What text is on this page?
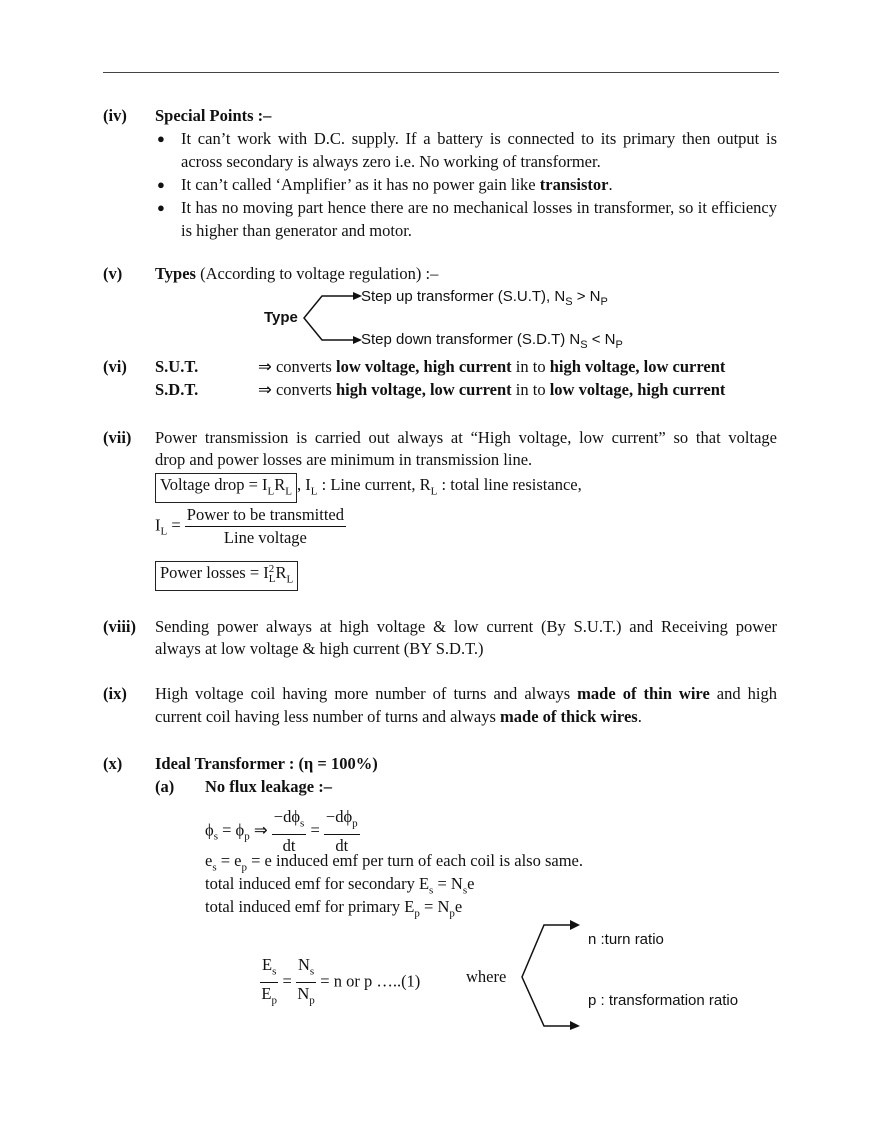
(iv) Special Points :–
● It can’t work with D.C. supply. If a battery is connected to its primary then output is
across secondary is always zero i.e. No working of transformer.
● It can’t called ‘Amplifier’ as it has no power gain like transistor.
● It has no moving part hence there are no mechanical losses in transformer, so it efficiency
is higher than generator and motor.
(v) Types (According to voltage regulation) :–
Type
Step up transformer (S.U.T), $N_S > N_P$
Step down transformer (S.D.T) $N_S < N_P$
(vi) S.U.T.	⇒ converts low voltage, high current in to high voltage, low current
S.D.T.	⇒ converts high voltage, low current in to low voltage, high current
(vii) Power transmission is carried out always at “High voltage, low current” so that voltage
drop and power losses are minimum in transmission line.
Voltage drop = $I_LR_L$ , $I_L$ : Line current, $R_L$ : total line resistance,
$I_L = \frac{\text{Power to be transmitted}}{\text{Line voltage}}$
Power losses = I 2
L $R_L$
(viii) Sending power always at high voltage & low current (By S.U.T.) and Receiving power
always at low voltage & high current (BY S.D.T.)
(ix) High voltage coil having more number of turns and always made of thin wire and high
current coil having less number of turns and always made of thick wires.
(x) Ideal Transformer : (η = 100%)
(a) No flux leakage :–
$\phi_s = \phi_p$ ⇒ $\frac{-d\phi_s}{dt} = \frac{-d\phi_p}{dt}$
$e_s = e_p = e$ induced emf per turn of each coil is also same.
total induced emf for secondary $E_s = N_se$
total induced emf for primary $E_p = N_pe$
$\frac{E_s}{E_p} = \frac{N_s}{N_p} = n$ or p …..(1)	where
n :turn ratio
p : transformation ratio
